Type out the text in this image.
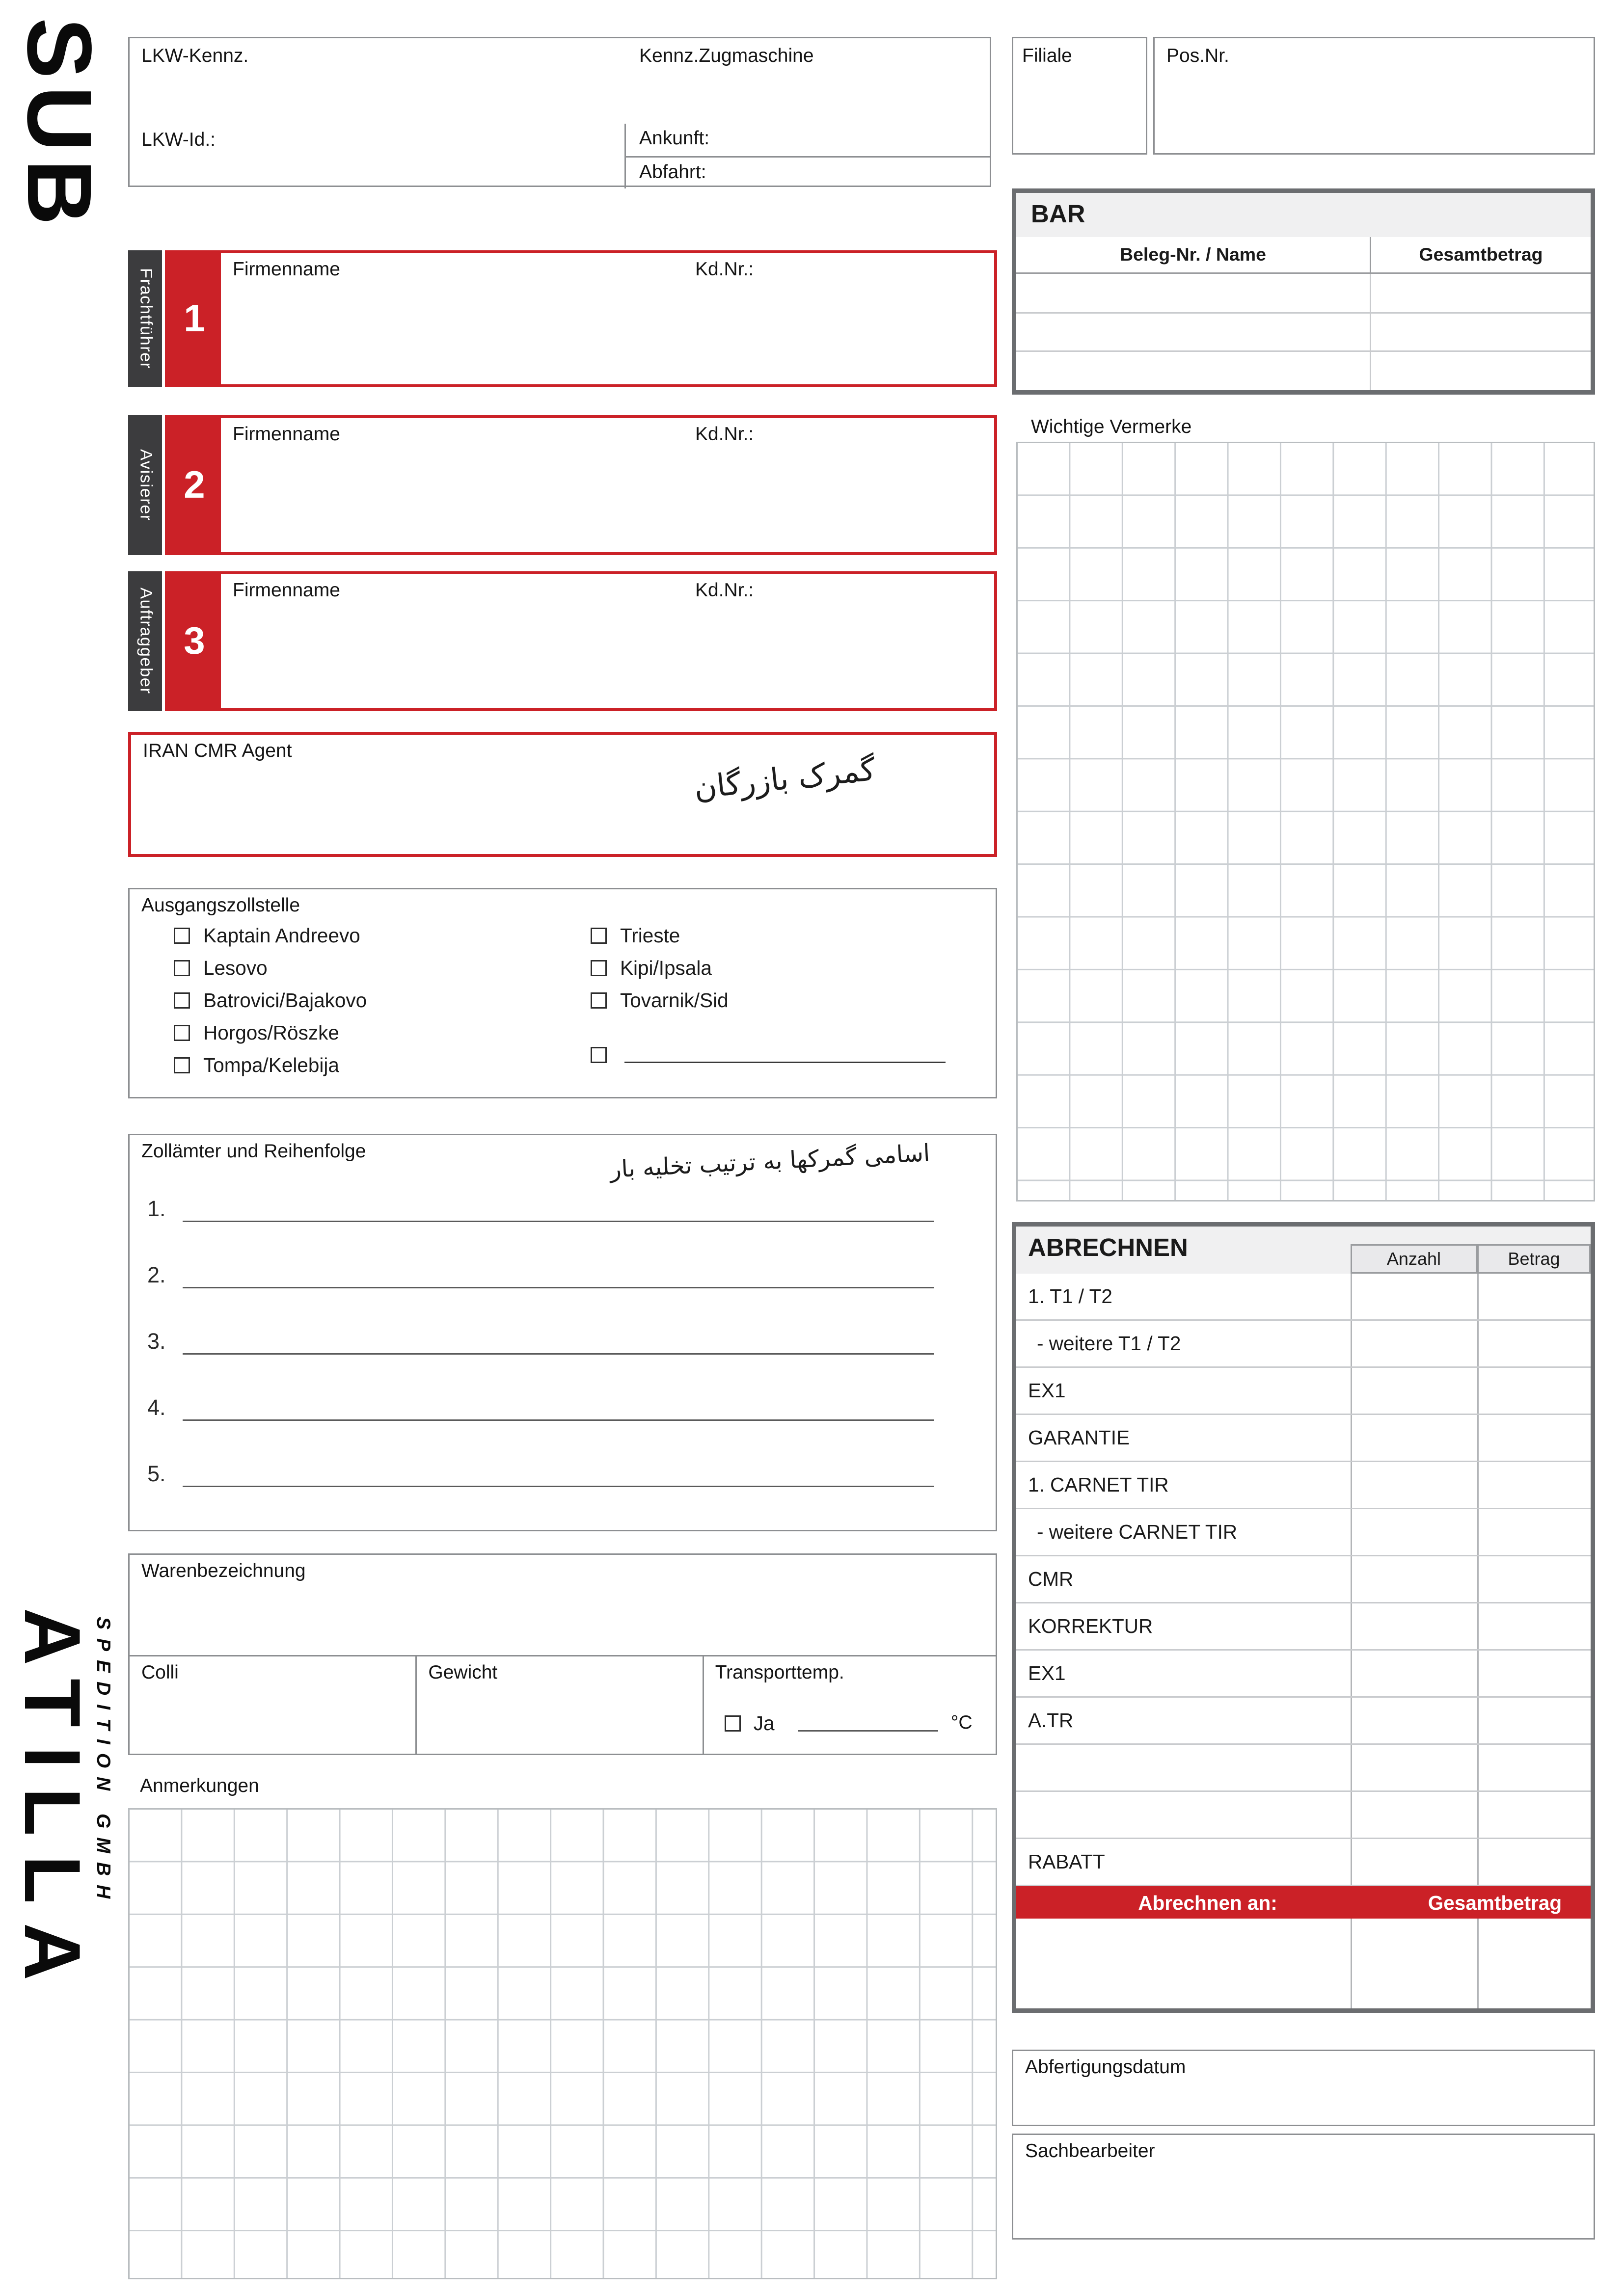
SUB	LKW-Kennz.	Kennz.Zugmaschine
LKW-Id.:	Ankunft:
Abfahrt:
Filiale	Pos.Nr.
BAR
Beleg-Nr. / Name	Gesamtbetrag
Wichtige Vermerke
Frachtführer	1
Firmenname	Kd.Nr.:
Avisierer	2
Firmenname	Kd.Nr.:
Auftraggeber	3
Firmenname	Kd.Nr.:
IRAN CMR Agent
گمرک بازرگان
Ausgangszollstelle
Kaptain Andreevo
Lesovo
Batrovici/Bajakovo
Horgos/Röszke
Tompa/Kelebija
Trieste
Kipi/Ipsala
Tovarnik/Sid
Zollämter und Reihenfolge	اسامی گمرکها به ترتیب تخلیه بار
1.
2.
3.
4.
5.
Warenbezeichnung
Colli	Gewicht	Transporttemp.
Ja	°C
Anmerkungen
ABRECHNEN	Anzahl	Betrag
1. T1 / T2
- weitere T1 / T2
EX1
GARANTIE
1. CARNET TIR
- weitere CARNET TIR
CMR
KORREKTUR
EX1
A.TR
RABATT
Abrechnen an:	Gesamtbetrag
Abfertigungsdatum
Sachbearbeiter
ATILLA
SPEDITION GMBH
